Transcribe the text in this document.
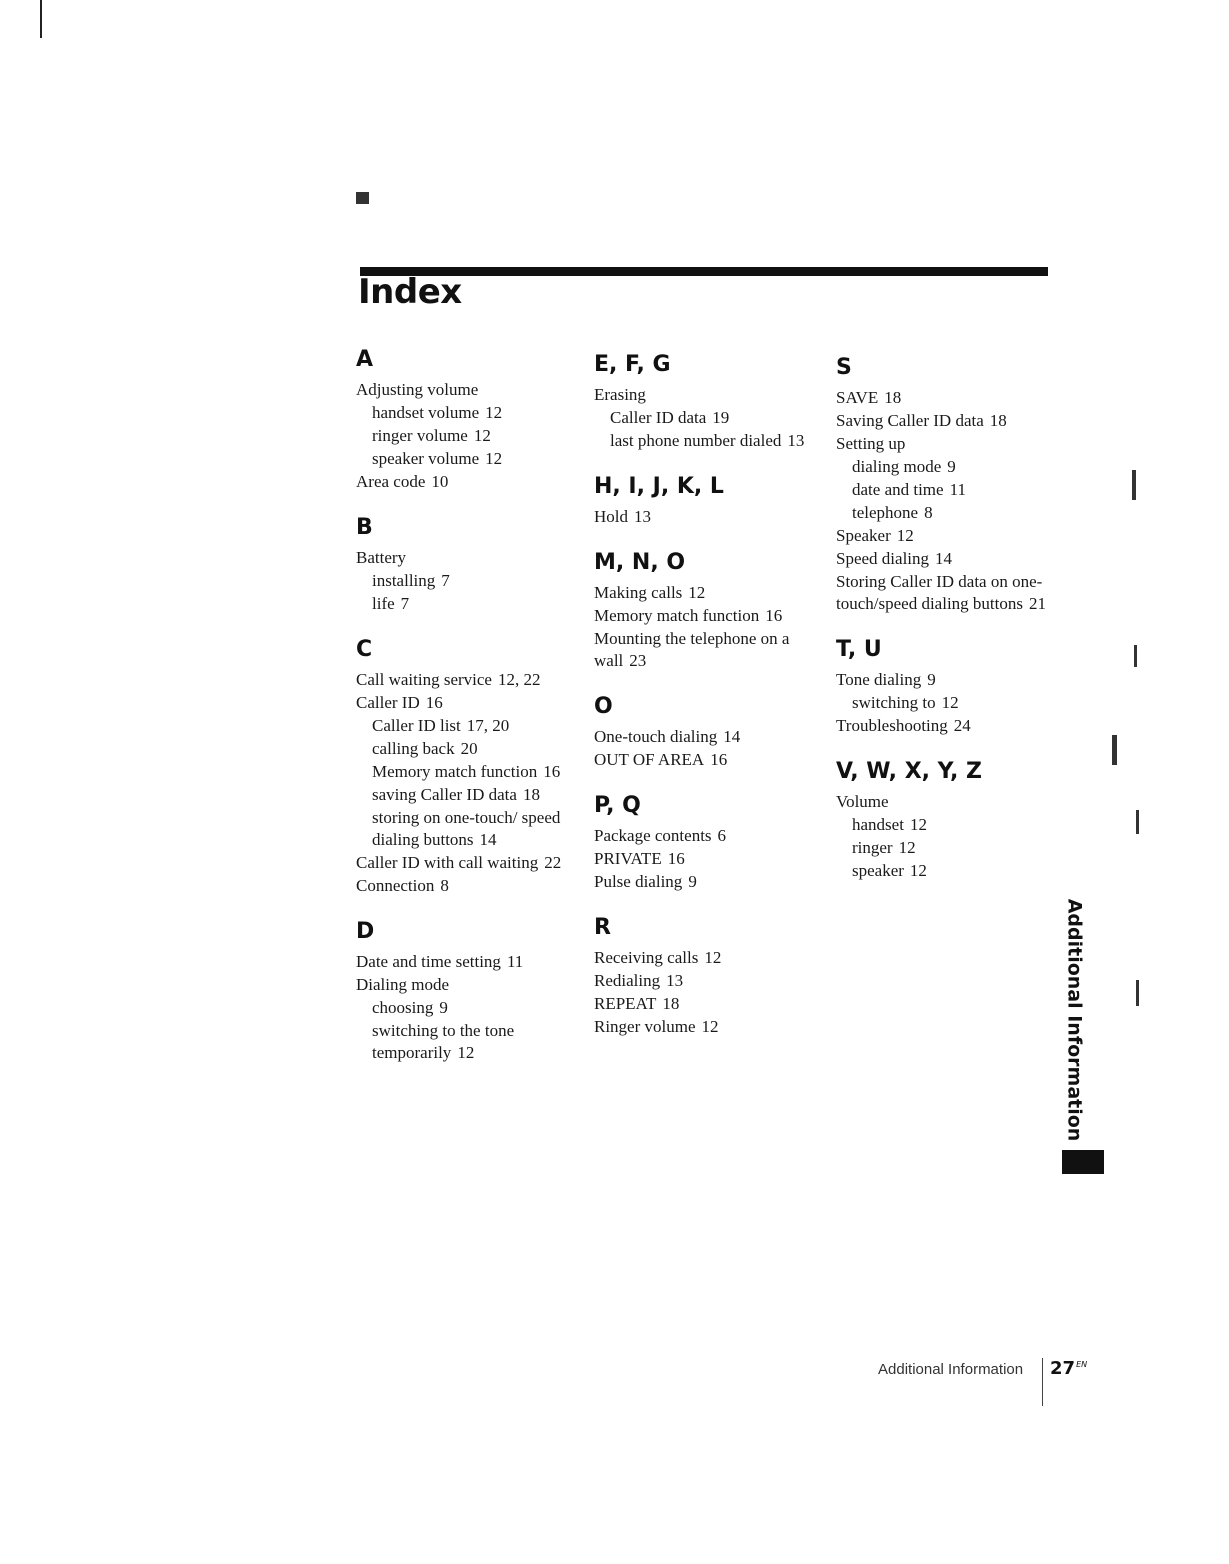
Index
A
Adjusting volume
handset volume 12
ringer volume 12
speaker volume 12
Area code 10
B
Battery
installing 7
life 7
C
Call waiting service 12, 22
Caller ID 16
Caller ID list 17, 20
calling back 20
Memory match function 16
saving Caller ID data 18
storing on one-touch/ speed dialing buttons 14
Caller ID with call waiting 22
Connection 8
D
Date and time setting 11
Dialing mode
choosing 9
switching to the tone temporarily 12
E, F, G
Erasing
Caller ID data 19
last phone number dialed 13
H, I, J, K, L
Hold 13
M, N, O
Making calls 12
Memory match function 16
Mounting the telephone on a wall 23
O
One-touch dialing 14
OUT OF AREA 16
P, Q
Package contents 6
PRIVATE 16
Pulse dialing 9
R
Receiving calls 12
Redialing 13
REPEAT 18
Ringer volume 12
S
SAVE 18
Saving Caller ID data 18
Setting up
dialing mode 9
date and time 11
telephone 8
Speaker 12
Speed dialing 14
Storing Caller ID data on one-touch/speed dialing buttons 21
T, U
Tone dialing 9
switching to 12
Troubleshooting 24
V, W, X, Y, Z
Volume
handset 12
ringer 12
speaker 12
Additional Information
Additional Information $27^{EN}$
